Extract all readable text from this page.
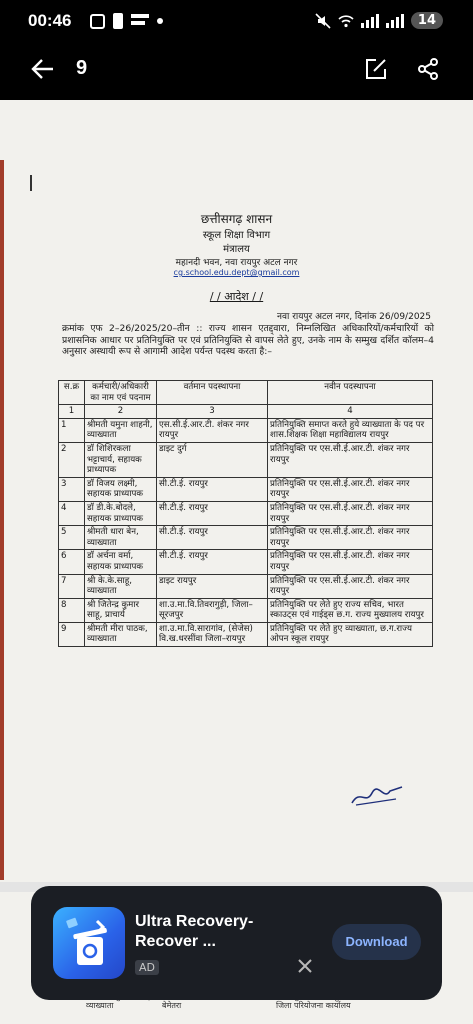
00:46	14
9
छत्तीसगढ़ शासन
स्कूल शिक्षा विभाग
मंत्रालय
महानदी भवन, नवा रायपुर अटल नगर
cg.school.edu.dept@gmail.com
/ / आदेश / /
नवा रायपुर अटल नगर, दिनांक 26/09/2025
क्रमांक एफ 2–26/2025/20–तीन :: राज्य शासन एतद्द्वारा, निम्नलिखित अधिकारियों/कर्मचारियों को प्रशासनिक आधार पर प्रतिनियुक्ति पर एवं प्रतिनियुक्ति से वापस लेते हुए, उनके नाम के सम्मुख दर्शित कॉलम–4 अनुसार अस्थायी रूप से आगामी आदेश पर्यन्त पदस्थ करता है:–
स.क्र	कर्मचारी/अधिकारी का नाम एवं पदनाम	वर्तमान पदस्थापना	नवीन पदस्थापना
1	2	3	4
1	श्रीमती यमुना शाहनी, व्याख्याता	एस.सी.ई.आर.टी. शंकर नगर रायपुर	प्रतिनियुक्ति समाप्त करते हुये व्याख्याता के पद पर शास.शिक्षक शिक्षा महाविद्यालय रायपुर
2	डॉ शिशिरकला भट्टाचार्य, सहायक प्राध्यापक	डाइट दुर्ग	प्रतिनियुक्ति पर एस.सी.ई.आर.टी. शंकर नगर रायपुर
3	डॉ विजय लक्ष्मी, सहायक प्राध्यापक	सी.टी.ई. रायपुर	प्रतिनियुक्ति पर एस.सी.ई.आर.टी. शंकर नगर रायपुर
4	डॉ डी.के.बोदले, सहायक प्राध्यापक	सी.टी.ई. रायपुर	प्रतिनियुक्ति पर एस.सी.ई.आर.टी. शंकर नगर रायपुर
5	श्रीमती धारा बेन, व्याख्याता	सी.टी.ई. रायपुर	प्रतिनियुक्ति पर एस.सी.ई.आर.टी. शंकर नगर रायपुर
6	डॉ अर्चना वर्मा, सहायक प्राध्यापक	सी.टी.ई. रायपुर	प्रतिनियुक्ति पर एस.सी.ई.आर.टी. शंकर नगर रायपुर
7	श्री के.के.साहू, व्याख्याता	डाइट रायपुर	प्रतिनियुक्ति पर एस.सी.ई.आर.टी. शंकर नगर रायपुर
8	श्री जितेन्द्र कुमार साहू, प्राचार्य	शा.उ.मा.वि.तिवरागुड़ी, जिला–सूरजपुर	प्रतिनियुक्ति पर लेते हुए राज्य सचिव, भारत स्काउट्स एवं गाईड्स छ.ग. राज्य मुख्यालय रायपुर
9	श्रीमती मीरा पाठक, व्याख्याता	शा.उ.मा.वि.सारागांव, (सेजेस) वि.ख.धरसींवा जिला–रायपुर	प्रतिनियुक्ति पर लेते हुए व्याख्याता, छ.ग.राज्य ओपन स्कूल रायपुर
व्याख्याता	बेमेतरा	जिला परियोजना कार्यालय
Ultra Recovery-Recover ...
AD
Download
